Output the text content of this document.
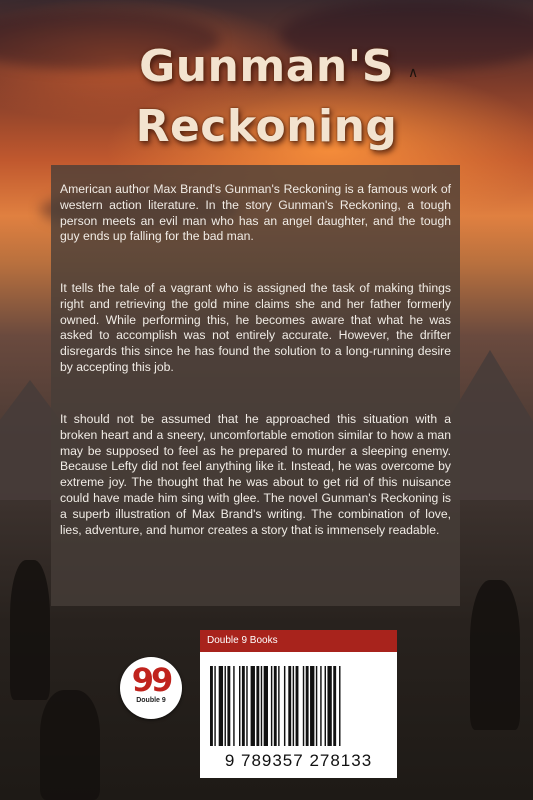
Gunman'S
Reckoning
∧

American author Max Brand's Gunman's Reckoning is a famous work of western action literature. In the story Gunman's Reckoning, a tough person meets an evil man who has an angel daughter, and the tough guy ends up falling for the bad man.

It tells the tale of a vagrant who is assigned the task of making things right and retrieving the gold mine claims she and her father formerly owned. While performing this, he becomes aware that what he was asked to accomplish was not entirely accurate. However, the drifter disregards this since he has found the solution to a long-running desire by accepting this job.

It should not be assumed that he approached this situation with a broken heart and a sneery, uncomfortable emotion similar to how a man may be supposed to feel as he prepared to murder a sleeping enemy. Because Lefty did not feel anything like it. Instead, he was overcome by extreme joy. The thought that he was about to get rid of this nuisance could have made him sing with glee. The novel Gunman's Reckoning is a superb illustration of Max Brand's writing. The combination of love, lies, adventure, and humor creates a story that is immensely readable.

99
Double 9
Double 9 Books
9 789357 278133
